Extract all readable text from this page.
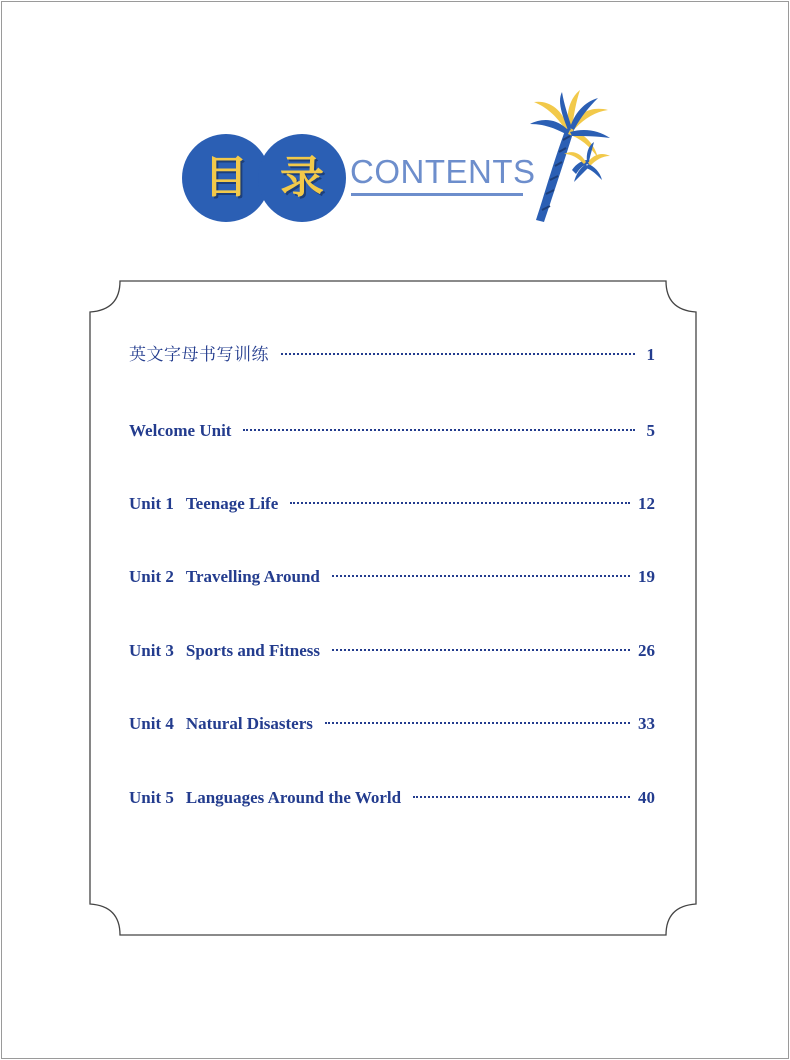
目 录 CONTENTS
英文字母书写训练	1
Welcome Unit	5
Unit 1 Teenage Life	12
Unit 2 Travelling Around	19
Unit 3 Sports and Fitness	26
Unit 4 Natural Disasters	33
Unit 5 Languages Around the World	40
